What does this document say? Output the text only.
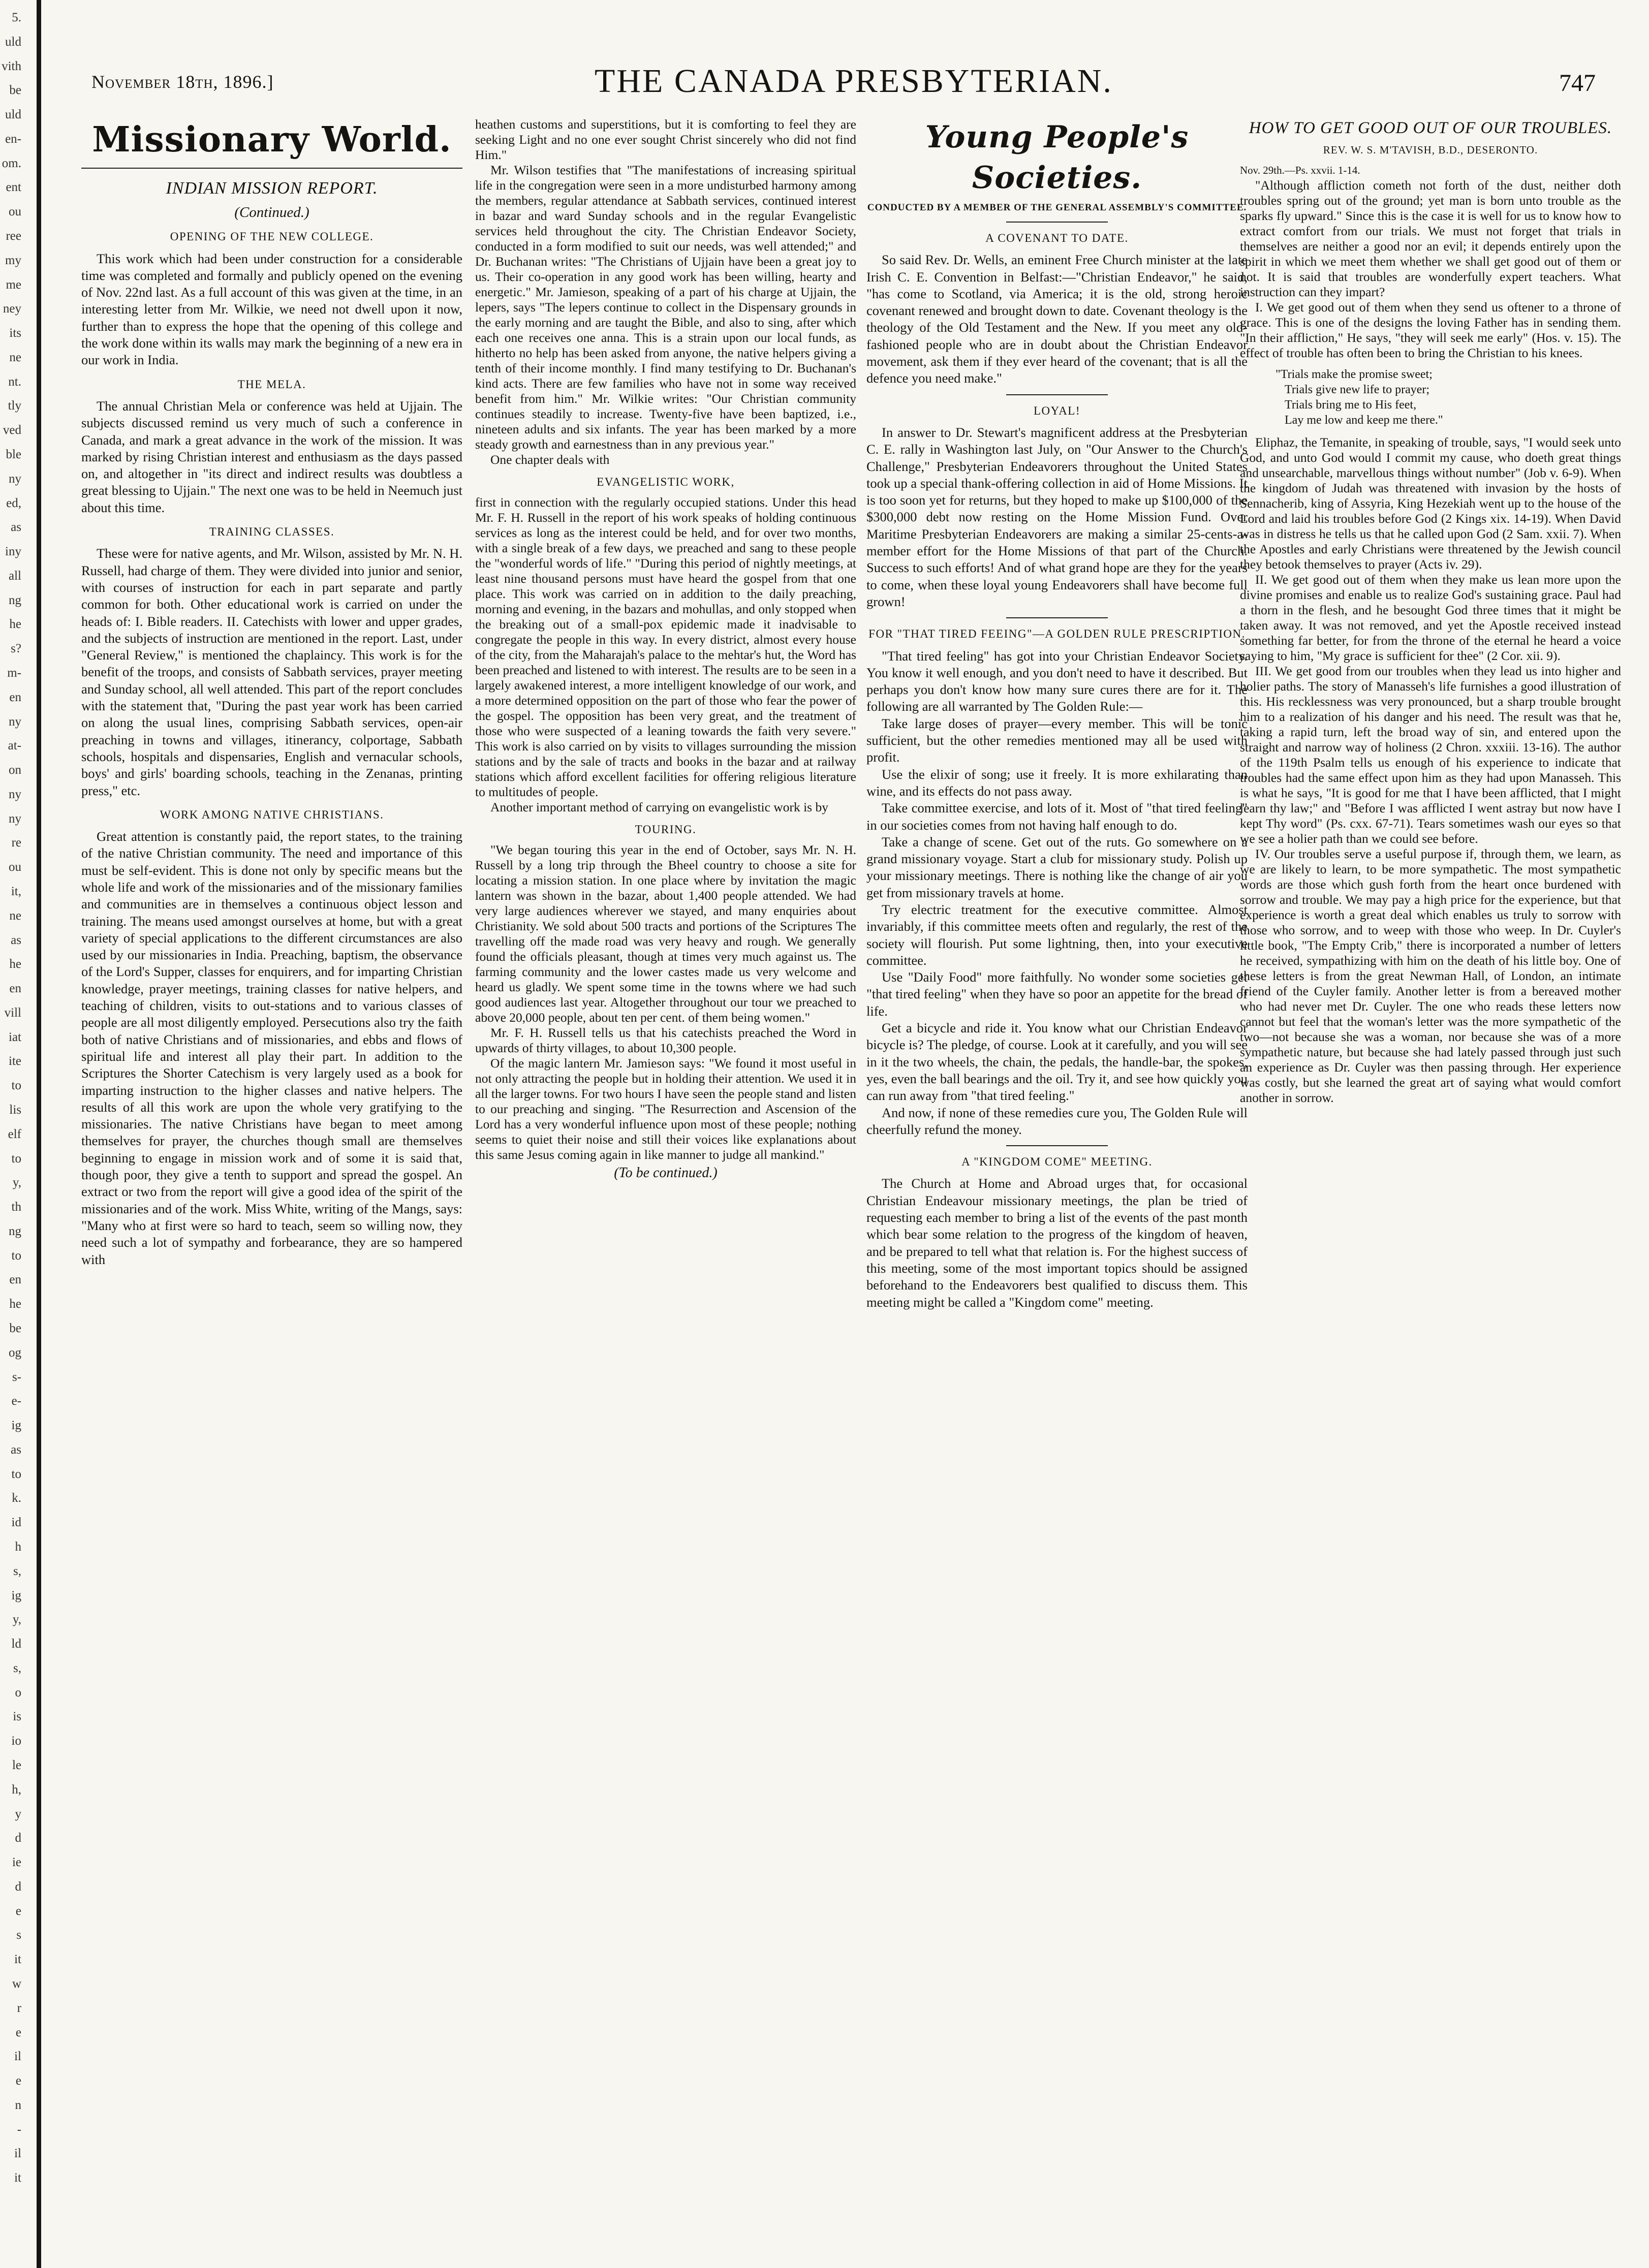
5.
uld
vith
be
uld
en-
om.
ent
ou
ree
my
me
ney
its
ne
nt.
tly
ved
ble
ny
ed,
as
iny
all
ng
he
s?
m-
en
ny
at-
on
ny
ny
re
ou
it,
ne
as
he
en
vill
iat
ite
to
lis
elf
to
y,
th
ng
to
en
he
be
og
s-
e-
ig
as
to
k.
id
h
s,
ig
y,
ld
s,
o
is
io
le
h,
y
d
ie
d
e
s
it
w
r
e
il
e
n
-
il
it
November 18th, 1896.]	THE CANADA PRESBYTERIAN.	747
Missionary World.
INDIAN MISSION REPORT.
(Continued.)
OPENING OF THE NEW COLLEGE.

This work which had been under construction for a considerable time was completed and formally and publicly opened on the evening of Nov. 22nd last. As a full account of this was given at the time, in an interesting letter from Mr. Wilkie, we need not dwell upon it now, further than to express the hope that the opening of this college and the work done within its walls may mark the beginning of a new era in our work in India.

THE MELA.

The annual Christian Mela or conference was held at Ujjain. The subjects discussed remind us very much of such a conference in Canada, and mark a great advance in the work of the mission. It was marked by rising Christian interest and enthusiasm as the days passed on, and altogether in "its direct and indirect results was doubtless a great blessing to Ujjain." The next one was to be held in Neemuch just about this time.

TRAINING CLASSES.

These were for native agents, and Mr. Wilson, assisted by Mr. N. H. Russell, had charge of them. They were divided into junior and senior, with courses of instruction for each in part separate and partly common for both. Other educational work is carried on under the heads of: I. Bible readers. II. Catechists with lower and upper grades, and the subjects of instruction are mentioned in the report. Last, under "General Review," is mentioned the chaplaincy. This work is for the benefit of the troops, and consists of Sabbath services, prayer meeting and Sunday school, all well attended. This part of the report concludes with the statement that, "During the past year work has been carried on along the usual lines, comprising Sabbath services, open-air preaching in towns and villages, itinerancy, colportage, Sabbath schools, hospitals and dispensaries, English and vernacular schools, boys' and girls' boarding schools, teaching in the Zenanas, printing press," etc.

WORK AMONG NATIVE CHRISTIANS.

Great attention is constantly paid, the report states, to the training of the native Christian community. The need and importance of this must be self-evident. This is done not only by specific means but the whole life and work of the missionaries and of the missionary families and communities are in themselves a continuous object lesson and training. The means used amongst ourselves at home, but with a great variety of special applications to the different circumstances are also used by our missionaries in India. Preaching, baptism, the observance of the Lord's Supper, classes for enquirers, and for imparting Christian knowledge, prayer meetings, training classes for native helpers, and teaching of children, visits to out-stations and to various classes of people are all most diligently employed. Persecutions also try the faith both of native Christians and of missionaries, and ebbs and flows of spiritual life and interest all play their part. In addition to the Scriptures the Shorter Catechism is very largely used as a book for imparting instruction to the higher classes and native helpers. The results of all this work are upon the whole very gratifying to the missionaries. The native Christians have began to meet among themselves for prayer, the churches though small are themselves beginning to engage in mission work and of some it is said that, though poor, they give a tenth to support and spread the gospel. An extract or two from the report will give a good idea of the spirit of the missionaries and of the work. Miss White, writing of the Mangs, says: "Many who at first were so hard to teach, seem so willing now, they need such a lot of sympathy and forbearance, they are so hampered with

heathen customs and superstitions, but it is comforting to feel they are seeking Light and no one ever sought Christ sincerely who did not find Him."

Mr. Wilson testifies that "The manifestations of increasing spiritual life in the congregation were seen in a more undisturbed harmony among the members, regular attendance at Sabbath services, continued interest in bazar and ward Sunday schools and in the regular Evangelistic services held throughout the city. The Christian Endeavor Society, conducted in a form modified to suit our needs, was well attended;" and Dr. Buchanan writes: "The Christians of Ujjain have been a great joy to us. Their co-operation in any good work has been willing, hearty and energetic." Mr. Jamieson, speaking of a part of his charge at Ujjain, the lepers, says "The lepers continue to collect in the Dispensary grounds in the early morning and are taught the Bible, and also to sing, after which each one receives one anna. This is a strain upon our local funds, as hitherto no help has been asked from anyone, the native helpers giving a tenth of their income monthly. I find many testifying to Dr. Buchanan's kind acts. There are few families who have not in some way received benefit from him." Mr. Wilkie writes: "Our Christian community continues steadily to increase. Twenty-five have been baptized, i.e., nineteen adults and six infants. The year has been marked by a more steady growth and earnestness than in any previous year."

One chapter deals with

EVANGELISTIC WORK,

first in connection with the regularly occupied stations. Under this head Mr. F. H. Russell in the report of his work speaks of holding continuous services as long as the interest could be held, and for over two months, with a single break of a few days, we preached and sang to these people the "wonderful words of life." "During this period of nightly meetings, at least nine thousand persons must have heard the gospel from that one place. This work was carried on in addition to the daily preaching, morning and evening, in the bazars and mohullas, and only stopped when the breaking out of a small-pox epidemic made it inadvisable to congregate the people in this way. In every district, almost every house of the city, from the Maharajah's palace to the mehtar's hut, the Word has been preached and listened to with interest. The results are to be seen in a largely awakened interest, a more intelligent knowledge of our work, and a more determined opposition on the part of those who fear the power of the gospel. The opposition has been very great, and the treatment of those who were suspected of a leaning towards the faith very severe." This work is also carried on by visits to villages surrounding the mission stations and by the sale of tracts and books in the bazar and at railway stations which afford excellent facilities for offering religious literature to multitudes of people.

Another important method of carrying on evangelistic work is by

TOURING.

"We began touring this year in the end of October, says Mr. N. H. Russell by a long trip through the Bheel country to choose a site for locating a mission station. In one place where by invitation the magic lantern was shown in the bazar, about 1,400 people attended. We had very large audiences wherever we stayed, and many enquiries about Christianity. We sold about 500 tracts and portions of the Scriptures The travelling off the made road was very heavy and rough. We generally found the officials pleasant, though at times very much against us. The farming community and the lower castes made us very welcome and heard us gladly. We spent some time in the towns where we had such good audiences last year. Altogether throughout our tour we preached to above 20,000 people, about ten per cent. of them being women."

Mr. F. H. Russell tells us that his catechists preached the Word in upwards of thirty villages, to about 10,300 people.

Of the magic lantern Mr. Jamieson says: "We found it most useful in not only attracting the people but in holding their attention. We used it in all the larger towns. For two hours I have seen the people stand and listen to our preaching and singing. "The Resurrection and Ascension of the Lord has a very wonderful influence upon most of these people; nothing seems to quiet their noise and still their voices like explanations about this same Jesus coming again in like manner to judge all mankind."

(To be continued.)
Young People's Societies.
CONDUCTED BY A MEMBER OF THE GENERAL ASSEMBLY'S COMMITTEE.
A COVENANT TO DATE.

So said Rev. Dr. Wells, an eminent Free Church minister at the late Irish C. E. Convention in Belfast:—"Christian Endeavor," he said, "has come to Scotland, via America; it is the old, strong heroic covenant renewed and brought down to date. Covenant theology is the theology of the Old Testament and the New. If you meet any old-fashioned people who are in doubt about the Christian Endeavor movement, ask them if they ever heard of the covenant; that is all the defence you need make."

LOYAL!

In answer to Dr. Stewart's magnificent address at the Presbyterian C. E. rally in Washington last July, on "Our Answer to the Church's Challenge," Presbyterian Endeavorers throughout the United States took up a special thank-offering collection in aid of Home Missions. It is too soon yet for returns, but they hoped to make up $100,000 of the $300,000 debt now resting on the Home Mission Fund. Over Maritime Presbyterian Endeavorers are making a similar 25-cents-a-member effort for the Home Missions of that part of the Church. Success to such efforts! And of what grand hope are they for the years to come, when these loyal young Endeavorers shall have become full grown!

FOR "THAT TIRED FEEING"—A GOLDEN RULE PRESCRIPTION.

"That tired feeling" has got into your Christian Endeavor Society. You know it well enough, and you don't need to have it described. But perhaps you don't know how many sure cures there are for it. The following are all warranted by The Golden Rule:—

Take large doses of prayer—every member. This will be tonic sufficient, but the other remedies mentioned may all be used with profit.

Use the elixir of song; use it freely. It is more exhilarating than wine, and its effects do not pass away.

Take committee exercise, and lots of it. Most of "that tired feeling" in our societies comes from not having half enough to do.

Take a change of scene. Get out of the ruts. Go somewhere on a grand missionary voyage. Start a club for missionary study. Polish up your missionary meetings. There is nothing like the change of air you get from missionary travels at home.

Try electric treatment for the executive committee. Almost invariably, if this committee meets often and regularly, the rest of the society will flourish. Put some lightning, then, into your executive committee.

Use "Daily Food" more faithfully. No wonder some societies get "that tired feeling" when they have so poor an appetite for the bread of life.

Get a bicycle and ride it. You know what our Christian Endeavor bicycle is? The pledge, of course. Look at it carefully, and you will see in it the two wheels, the chain, the pedals, the handle-bar, the spokes, yes, even the ball bearings and the oil. Try it, and see how quickly you can run away from "that tired feeling."

And now, if none of these remedies cure you, The Golden Rule will cheerfully refund the money.

A "KINGDOM COME" MEETING.

The Church at Home and Abroad urges that, for occasional Christian Endeavour missionary meetings, the plan be tried of requesting each member to bring a list of the events of the past month which bear some relation to the progress of the kingdom of heaven, and be prepared to tell what that relation is. For the highest success of this meeting, some of the most important topics should be assigned beforehand to the Endeavorers best qualified to discuss them. This meeting might be called a "Kingdom come" meeting.

HOW TO GET GOOD OUT OF OUR TROUBLES.
REV. W. S. M'TAVISH, B.D., DESERONTO.

Nov. 29th.—Ps. xxvii. 1-14.

"Although affliction cometh not forth of the dust, neither doth troubles spring out of the ground; yet man is born unto trouble as the sparks fly upward." Since this is the case it is well for us to know how to extract comfort from our trials. We must not forget that trials in themselves are neither a good nor an evil; it depends entirely upon the spirit in which we meet them whether we shall get good out of them or not. It is said that troubles are wonderfully expert teachers. What instruction can they impart?

I. We get good out of them when they send us oftener to a throne of grace. This is one of the designs the loving Father has in sending them. "In their affliction," He says, "they will seek me early" (Hos. v. 15). The effect of trouble has often been to bring the Christian to his knees.

"Trials make the promise sweet;
Trials give new life to prayer;
Trials bring me to His feet,
Lay me low and keep me there."

Eliphaz, the Temanite, in speaking of trouble, says, "I would seek unto God, and unto God would I commit my cause, who doeth great things and unsearchable, marvellous things without number" (Job v. 6-9). When the kingdom of Judah was threatened with invasion by the hosts of Sennacherib, king of Assyria, King Hezekiah went up to the house of the Lord and laid his troubles before God (2 Kings xix. 14-19). When David was in distress he tells us that he called upon God (2 Sam. xxii. 7). When the Apostles and early Christians were threatened by the Jewish council they betook themselves to prayer (Acts iv. 29).

II. We get good out of them when they make us lean more upon the divine promises and enable us to realize God's sustaining grace. Paul had a thorn in the flesh, and he besought God three times that it might be taken away. It was not removed, and yet the Apostle received instead something far better, for from the throne of the eternal he heard a voice saying to him, "My grace is sufficient for thee" (2 Cor. xii. 9).

III. We get good from our troubles when they lead us into higher and holier paths. The story of Manasseh's life furnishes a good illustration of this. His recklessness was very pronounced, but a sharp trouble brought him to a realization of his danger and his need. The result was that he, taking a rapid turn, left the broad way of sin, and entered upon the straight and narrow way of holiness (2 Chron. xxxiii. 13-16). The author of the 119th Psalm tells us enough of his experience to indicate that troubles had the same effect upon him as they had upon Manasseh. This is what he says, "It is good for me that I have been afflicted, that I might learn thy law;" and "Before I was afflicted I went astray but now have I kept Thy word" (Ps. cxx. 67-71). Tears sometimes wash our eyes so that we see a holier path than we could see before.

IV. Our troubles serve a useful purpose if, through them, we learn, as we are likely to learn, to be more sympathetic. The most sympathetic words are those which gush forth from the heart once burdened with sorrow and trouble. We may pay a high price for the experience, but that experience is worth a great deal which enables us truly to sorrow with those who sorrow, and to weep with those who weep. In Dr. Cuyler's little book, "The Empty Crib," there is incorporated a number of letters he received, sympathizing with him on the death of his little boy. One of these letters is from the great Newman Hall, of London, an intimate friend of the Cuyler family. Another letter is from a bereaved mother who had never met Dr. Cuyler. The one who reads these letters now cannot but feel that the woman's letter was the more sympathetic of the two—not because she was a woman, nor because she was of a more sympathetic nature, but because she had lately passed through just such an experience as Dr. Cuyler was then passing through. Her experience was costly, but she learned the great art of saying what would comfort another in sorrow.
